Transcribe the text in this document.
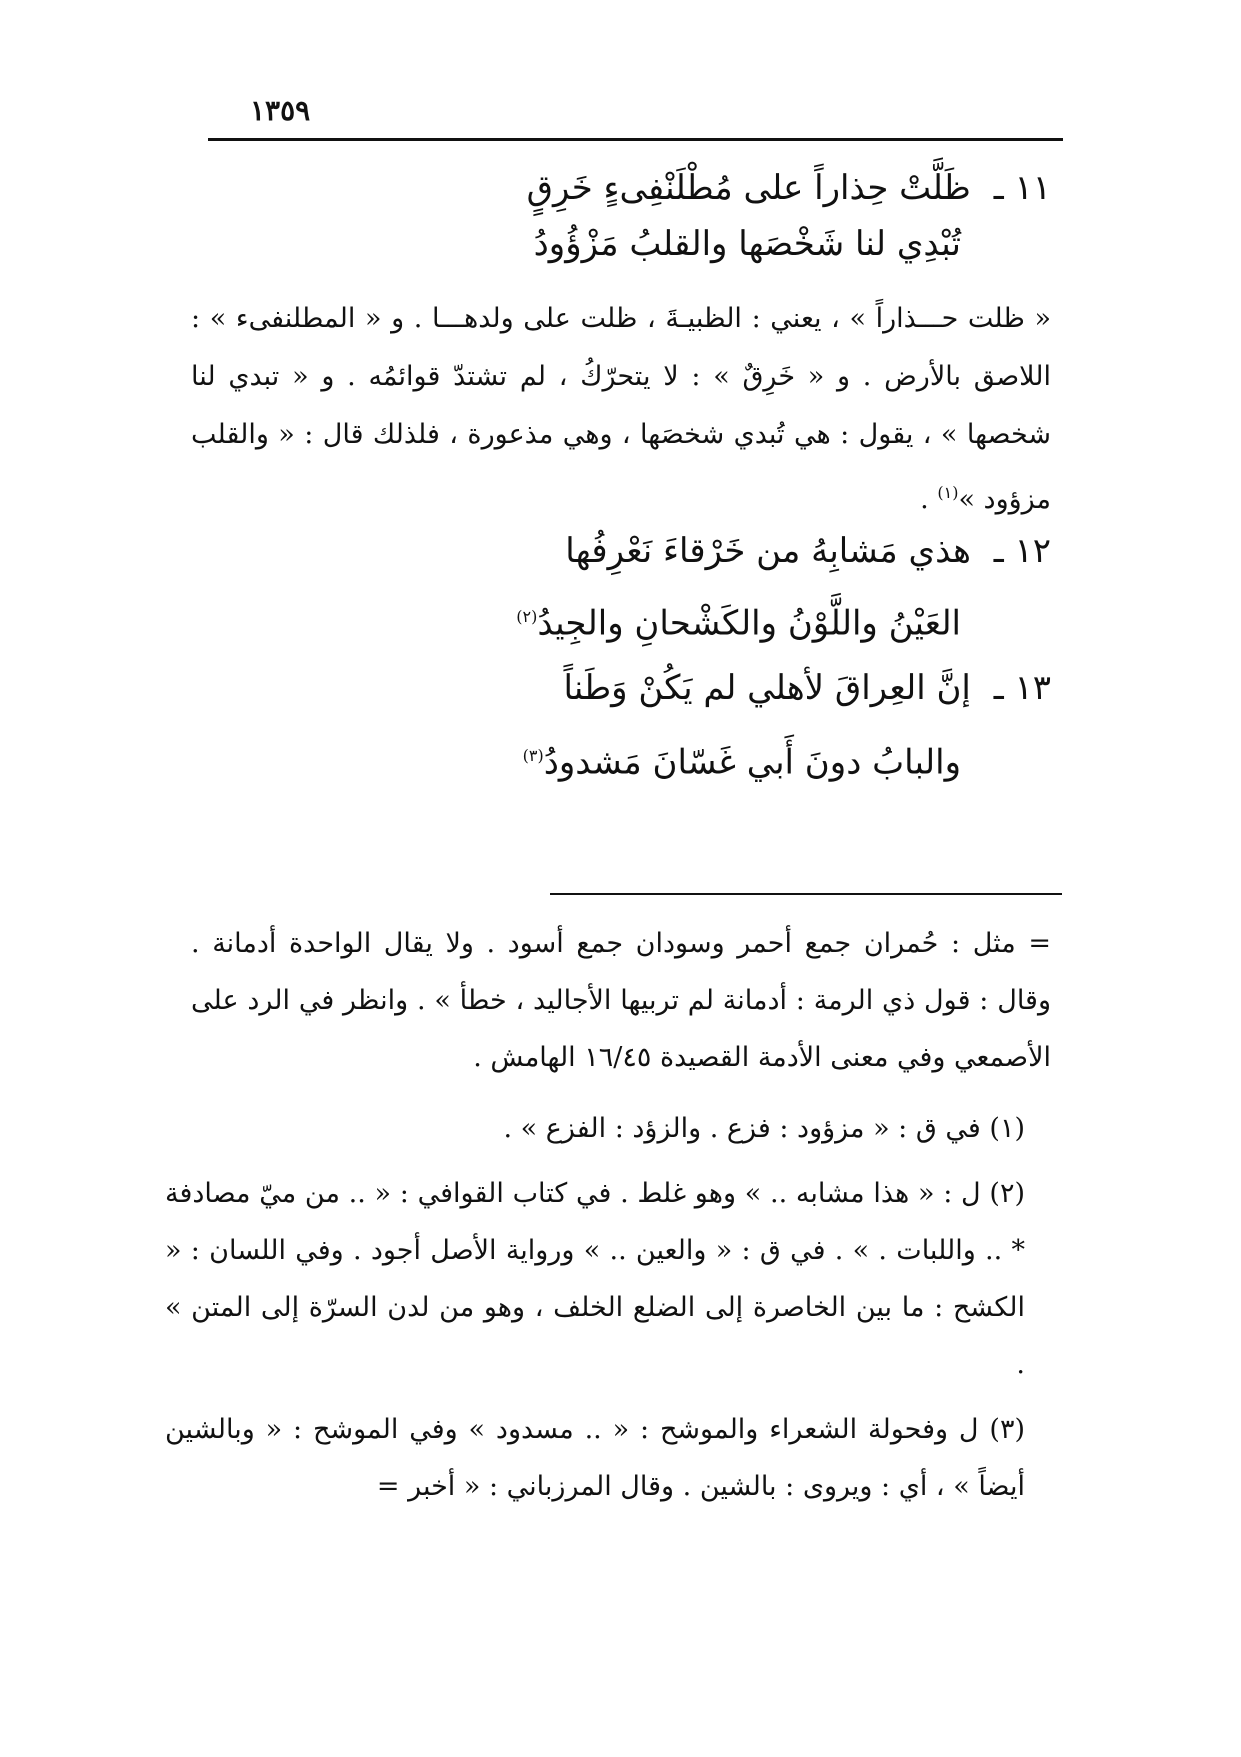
١٣٥٩
١١ ـ ظَلَّتْ حِذاراً على مُطْلَنْفِىءٍ خَرِقٍ
تُبْدِي لنا شَخْصَها والقلبُ مَزْؤُودُ
« ظلت حـــذاراً » ، يعني : الظبيـةَ ، ظلت على ولدهـــا . و « المطلنفىء » : اللاصق بالأرض . و « خَرِقٌ » : لا يتحرّكُ ، لم تشتدّ قوائمُه . و « تبدي لنا شخصها » ، يقول : هي تُبدي شخصَها ، وهي مذعورة ، فلذلك قال : « والقلب مزؤود »$^{(١)}$ .
١٢ ـ هذي مَشابِهُ من خَرْقاءَ نَعْرِفُها
العَيْنُ واللَّوْنُ والكَشْحانِ والجِيدُ$^{(٢)}$
١٣ ـ إنَّ العِراقَ لأهلي لم يَكُنْ وَطَناً
والبابُ دونَ أَبي غَسّانَ مَشدودُ$^{(٣)}$
= مثل : حُمران جمع أحمر وسودان جمع أسود . ولا يقال الواحدة أدمانة . وقال : قول ذي الرمة : أدمانة لم تربيها الأجاليد ، خطأ » . وانظر في الرد على الأصمعي وفي معنى الأدمة القصيدة ١٦/٤٥ الهامش .
(١) في ق : « مزؤود : فزع . والزؤد : الفزع » .
(٢) ل : « هذا مشابه .. » وهو غلط . في كتاب القوافي : « .. من ميّ مصادفة * .. واللبات . » . في ق : « والعين .. » ورواية الأصل أجود . وفي اللسان : « الكشح : ما بين الخاصرة إلى الضلع الخلف ، وهو من لدن السرّة إلى المتن » .
(٣) ل وفحولة الشعراء والموشح : « .. مسدود » وفي الموشح : « وبالشين أيضاً » ، أي : ويروى : بالشين . وقال المرزباني : « أخبر =
